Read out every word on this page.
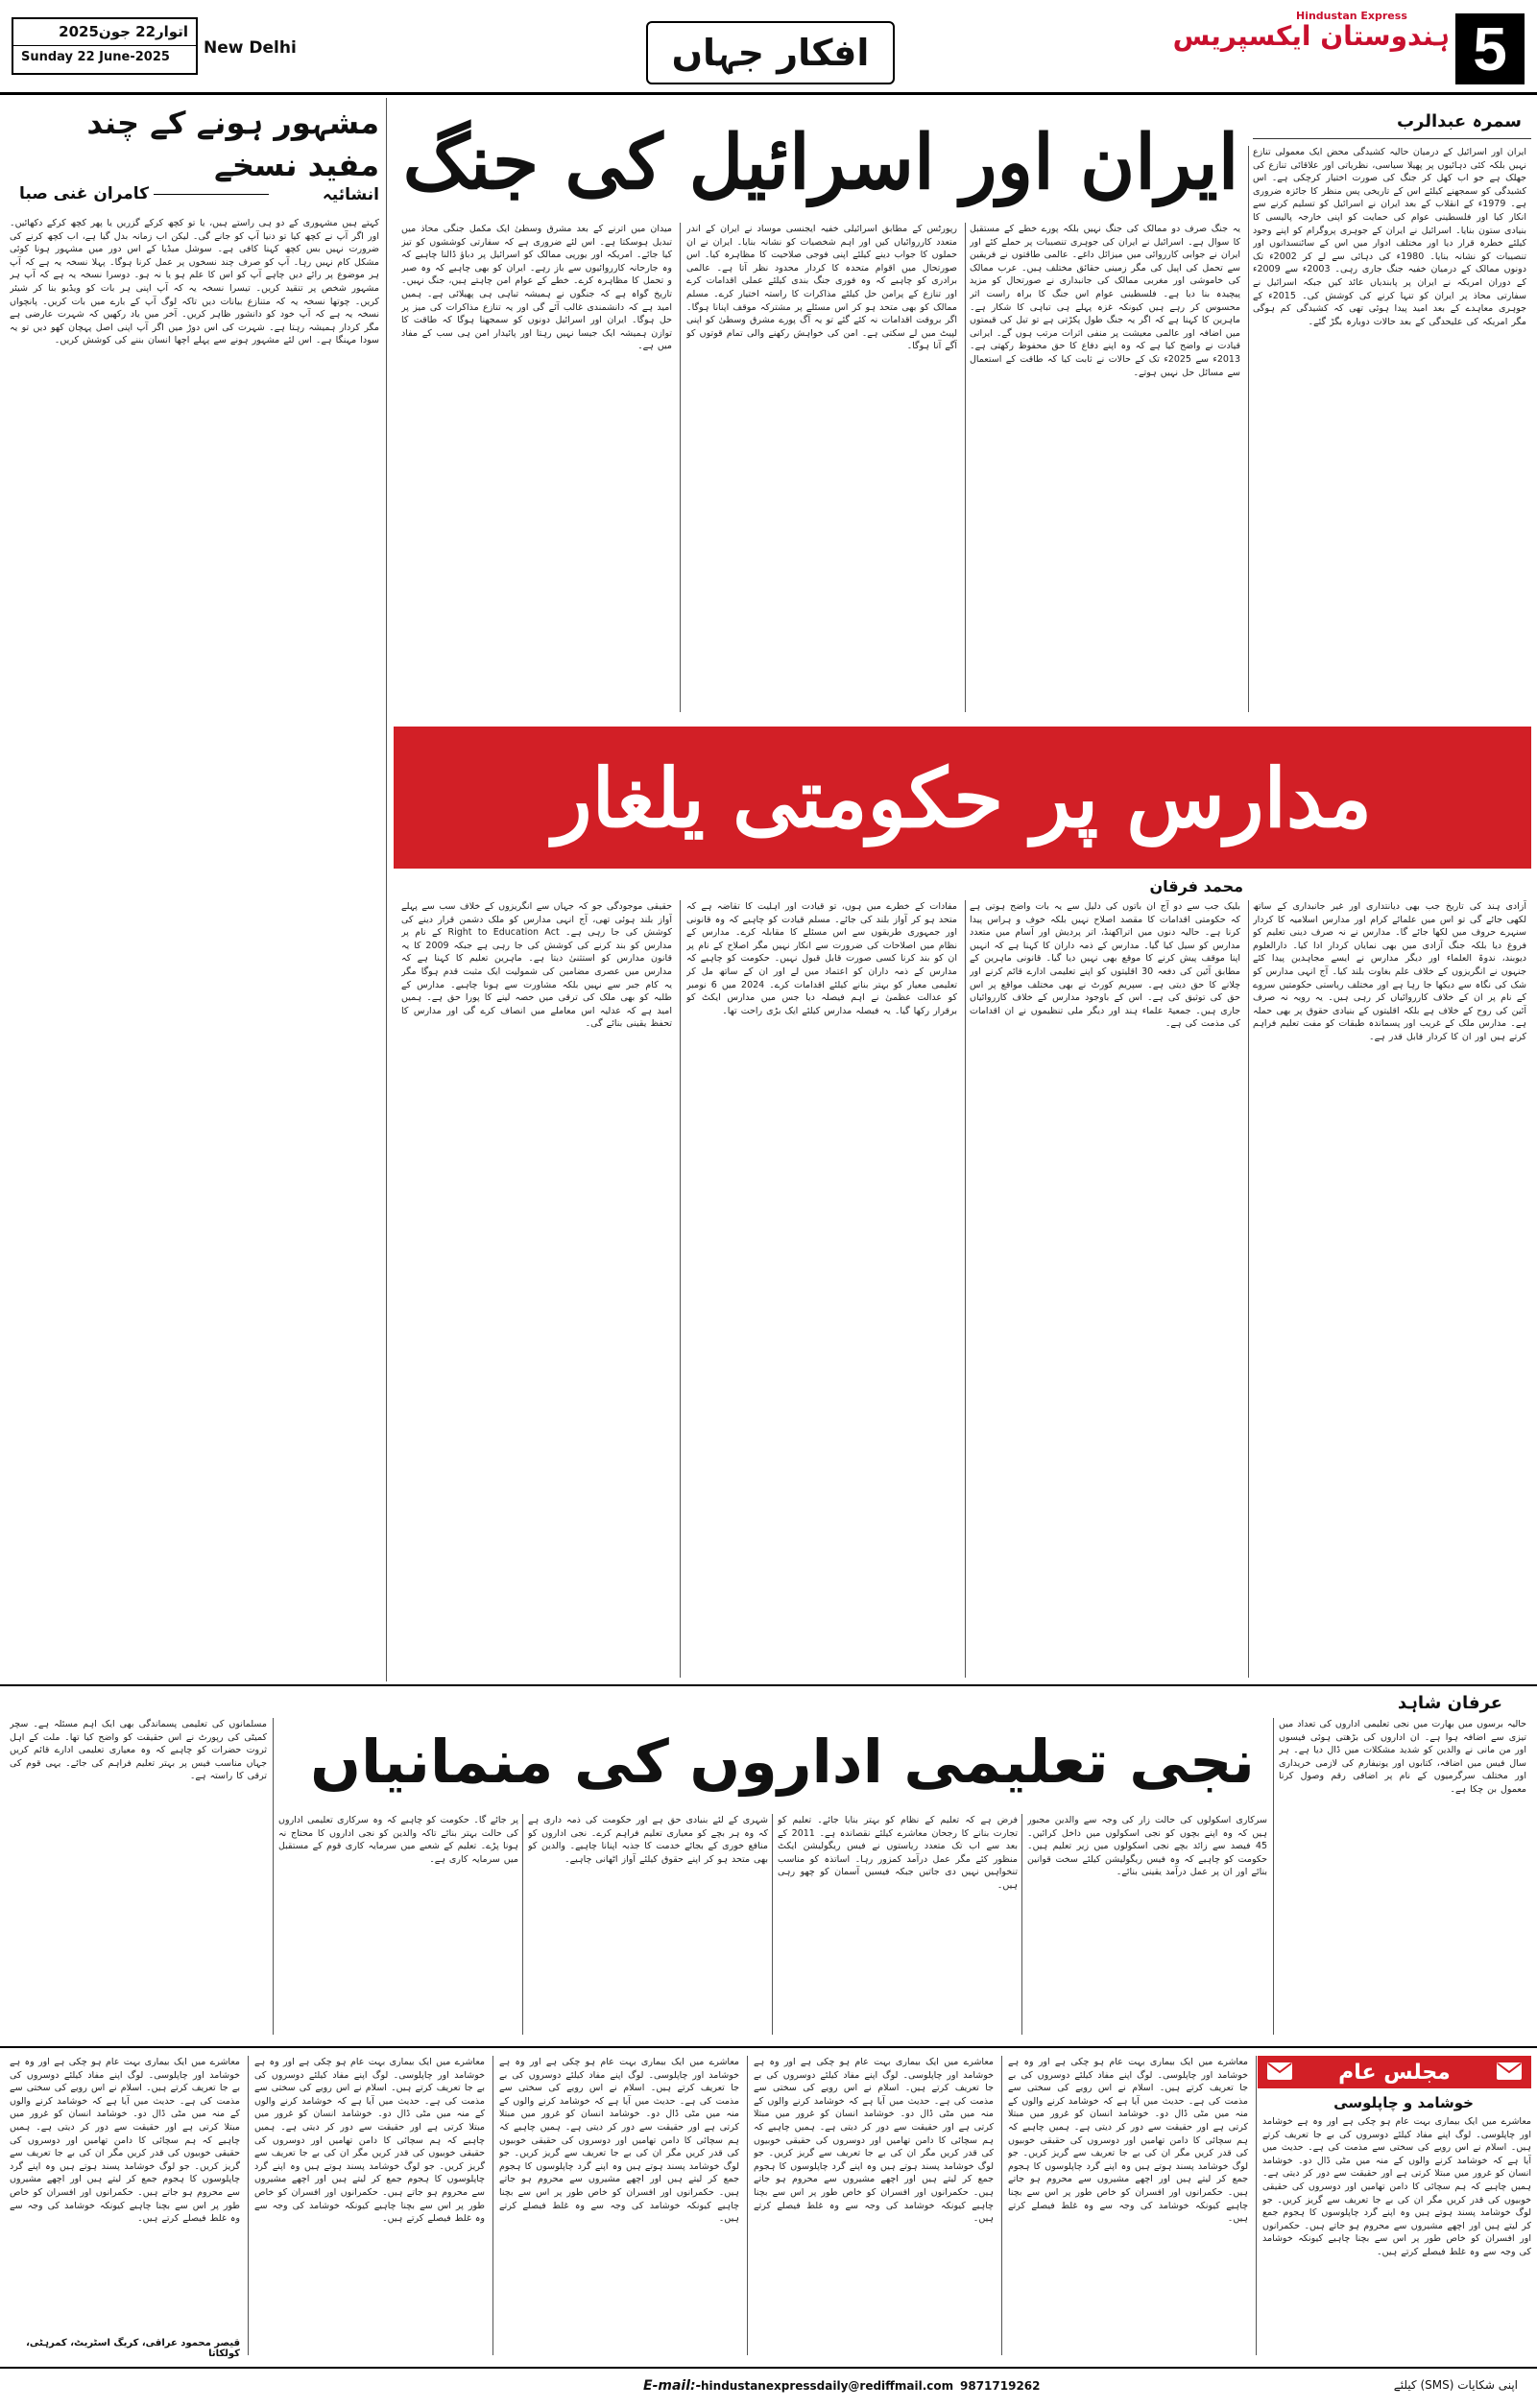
اتوار22 جون2025
Sunday 22 June-2025 New Delhi	افکار جہاں
Hindustan Express
ہندوستان ایکسپریس 5
مشہور ہونے کے چند مفید نسخے
انشائیہ
کامران غنی صبا
کہتے ہیں مشہوری کے دو ہی راستے ہیں، یا تو کچھ کرکے گزریں یا پھر کچھ کرکے دکھائیں۔ اور اگر آپ نے کچھ کیا تو دنیا آپ کو جانے گی۔ لیکن اب زمانہ بدل گیا ہے، اب کچھ کرنے کی ضرورت نہیں بس کچھ کہنا کافی ہے۔ سوشل میڈیا کے اس دور میں مشہور ہونا کوئی مشکل کام نہیں رہا۔ آپ کو صرف چند نسخوں پر عمل کرنا ہوگا۔ پہلا نسخہ یہ ہے کہ آپ ہر موضوع پر رائے دیں چاہے آپ کو اس کا علم ہو یا نہ ہو۔ دوسرا نسخہ یہ ہے کہ آپ ہر مشہور شخص پر تنقید کریں۔ تیسرا نسخہ یہ کہ آپ اپنی ہر بات کو ویڈیو بنا کر شیئر کریں۔ چوتھا نسخہ یہ کہ متنازع بیانات دیں تاکہ لوگ آپ کے بارے میں بات کریں۔ پانچواں نسخہ یہ ہے کہ آپ خود کو دانشور ظاہر کریں۔ آخر میں یاد رکھیں کہ شہرت عارضی ہے مگر کردار ہمیشہ رہتا ہے۔ شہرت کی اس دوڑ میں اگر آپ اپنی اصل پہچان کھو دیں تو یہ سودا مہنگا ہے۔ اس لئے مشہور ہونے سے پہلے اچھا انسان بننے کی کوشش کریں۔
ایران اور اسرائیل کی جنگ	سمرہ عبدالرب
ایران اور اسرائیل کے درمیان حالیہ کشیدگی محض ایک معمولی تنازع نہیں بلکہ کئی دہائیوں پر پھیلا سیاسی، نظریاتی اور علاقائی تنازع کی جھلک ہے جو اب کھل کر جنگ کی صورت اختیار کرچکی ہے۔ اس کشیدگی کو سمجھنے کیلئے اس کے تاریخی پس منظر کا جائزہ ضروری ہے۔ 1979ء کے انقلاب کے بعد ایران نے اسرائیل کو تسلیم کرنے سے انکار کیا اور فلسطینی عوام کی حمایت کو اپنی خارجہ پالیسی کا بنیادی ستون بنایا۔ اسرائیل نے ایران کے جوہری پروگرام کو اپنے وجود کیلئے خطرہ قرار دیا اور مختلف ادوار میں اس کے سائنسدانوں اور تنصیبات کو نشانہ بنایا۔ 1980ء کی دہائی سے لے کر 2002ء تک دونوں ممالک کے درمیان خفیہ جنگ جاری رہی۔ 2003ء سے 2009ء کے دوران امریکہ نے ایران پر پابندیاں عائد کیں جبکہ اسرائیل نے سفارتی محاذ پر ایران کو تنہا کرنے کی کوشش کی۔ 2015ء کے جوہری معاہدے کے بعد امید پیدا ہوئی تھی کہ کشیدگی کم ہوگی مگر امریکہ کی علیحدگی کے بعد حالات دوبارہ بگڑ گئے۔
یہ جنگ صرف دو ممالک کی جنگ نہیں بلکہ پورے خطے کے مستقبل کا سوال ہے۔ اسرائیل نے ایران کی جوہری تنصیبات پر حملے کئے اور ایران نے جوابی کارروائی میں میزائل داغے۔ عالمی طاقتوں نے فریقین سے تحمل کی اپیل کی مگر زمینی حقائق مختلف ہیں۔ عرب ممالک کی خاموشی اور مغربی ممالک کی جانبداری نے صورتحال کو مزید پیچیدہ بنا دیا ہے۔ فلسطینی عوام اس جنگ کا براہ راست اثر محسوس کر رہے ہیں کیونکہ غزہ پہلے ہی تباہی کا شکار ہے۔ ماہرین کا کہنا ہے کہ اگر یہ جنگ طول پکڑتی ہے تو تیل کی قیمتوں میں اضافہ اور عالمی معیشت پر منفی اثرات مرتب ہوں گے۔ ایرانی قیادت نے واضح کیا ہے کہ وہ اپنے دفاع کا حق محفوظ رکھتی ہے۔ 2013ء سے 2025ء تک کے حالات نے ثابت کیا کہ طاقت کے استعمال سے مسائل حل نہیں ہوتے۔
رپورٹس کے مطابق اسرائیلی خفیہ ایجنسی موساد نے ایران کے اندر متعدد کارروائیاں کیں اور اہم شخصیات کو نشانہ بنایا۔ ایران نے ان حملوں کا جواب دینے کیلئے اپنی فوجی صلاحیت کا مظاہرہ کیا۔ اس صورتحال میں اقوام متحدہ کا کردار محدود نظر آتا ہے۔ عالمی برادری کو چاہیے کہ وہ فوری جنگ بندی کیلئے عملی اقدامات کرے اور تنازع کے پرامن حل کیلئے مذاکرات کا راستہ اختیار کرے۔ مسلم ممالک کو بھی متحد ہو کر اس مسئلے پر مشترکہ موقف اپنانا ہوگا۔ اگر بروقت اقدامات نہ کئے گئے تو یہ آگ پورے مشرق وسطیٰ کو اپنی لپیٹ میں لے سکتی ہے۔ امن کی خواہش رکھنے والی تمام قوتوں کو آگے آنا ہوگا۔
میدان میں اترنے کے بعد مشرق وسطیٰ ایک مکمل جنگی محاذ میں تبدیل ہوسکتا ہے۔ اس لئے ضروری ہے کہ سفارتی کوششوں کو تیز کیا جائے۔ امریکہ اور یورپی ممالک کو اسرائیل پر دباؤ ڈالنا چاہیے کہ وہ جارحانہ کارروائیوں سے باز رہے۔ ایران کو بھی چاہیے کہ وہ صبر و تحمل کا مظاہرہ کرے۔ خطے کے عوام امن چاہتے ہیں، جنگ نہیں۔ تاریخ گواہ ہے کہ جنگوں نے ہمیشہ تباہی ہی پھیلائی ہے۔ ہمیں امید ہے کہ دانشمندی غالب آئے گی اور یہ تنازع مذاکرات کی میز پر حل ہوگا۔ ایران اور اسرائیل دونوں کو سمجھنا ہوگا کہ طاقت کا توازن ہمیشہ ایک جیسا نہیں رہتا اور پائیدار امن ہی سب کے مفاد میں ہے۔
مدارس پر حکومتی یلغار
محمد فرقان
آزادی ہند کی تاریخ جب بھی دیانتداری اور غیر جانبداری کے ساتھ لکھی جائے گی تو اس میں علمائے کرام اور مدارس اسلامیہ کا کردار سنہرے حروف میں لکھا جائے گا۔ مدارس نے نہ صرف دینی تعلیم کو فروغ دیا بلکہ جنگ آزادی میں بھی نمایاں کردار ادا کیا۔ دارالعلوم دیوبند، ندوۃ العلماء اور دیگر مدارس نے ایسے مجاہدین پیدا کئے جنہوں نے انگریزوں کے خلاف علم بغاوت بلند کیا۔ آج انہی مدارس کو شک کی نگاہ سے دیکھا جا رہا ہے اور مختلف ریاستی حکومتیں سروے کے نام پر ان کے خلاف کارروائیاں کر رہی ہیں۔ یہ رویہ نہ صرف آئین کی روح کے خلاف ہے بلکہ اقلیتوں کے بنیادی حقوق پر بھی حملہ ہے۔ مدارس ملک کے غریب اور پسماندہ طبقات کو مفت تعلیم فراہم کرتے ہیں اور ان کا کردار قابل قدر ہے۔
بلیک جب سے دو آج ان باتوں کی دلیل سے یہ بات واضح ہوتی ہے کہ حکومتی اقدامات کا مقصد اصلاح نہیں بلکہ خوف و ہراس پیدا کرنا ہے۔ حالیہ دنوں میں اتراکھنڈ، اتر پردیش اور آسام میں متعدد مدارس کو سیل کیا گیا۔ مدارس کے ذمہ داران کا کہنا ہے کہ انہیں اپنا موقف پیش کرنے کا موقع بھی نہیں دیا گیا۔ قانونی ماہرین کے مطابق آئین کی دفعہ 30 اقلیتوں کو اپنے تعلیمی ادارے قائم کرنے اور چلانے کا حق دیتی ہے۔ سپریم کورٹ نے بھی مختلف مواقع پر اس حق کی توثیق کی ہے۔ اس کے باوجود مدارس کے خلاف کارروائیاں جاری ہیں۔ جمعیۃ علماء ہند اور دیگر ملی تنظیموں نے ان اقدامات کی مذمت کی ہے۔
مفادات کے خطرے میں ہوں، تو قیادت اور اہلیت کا تقاضہ ہے کہ متحد ہو کر آواز بلند کی جائے۔ مسلم قیادت کو چاہیے کہ وہ قانونی اور جمہوری طریقوں سے اس مسئلے کا مقابلہ کرے۔ مدارس کے نظام میں اصلاحات کی ضرورت سے انکار نہیں مگر اصلاح کے نام پر ان کو بند کرنا کسی صورت قابل قبول نہیں۔ حکومت کو چاہیے کہ مدارس کے ذمہ داران کو اعتماد میں لے اور ان کے ساتھ مل کر تعلیمی معیار کو بہتر بنانے کیلئے اقدامات کرے۔ 2024 میں 6 نومبر کو عدالت عظمیٰ نے اہم فیصلہ دیا جس میں مدارس ایکٹ کو برقرار رکھا گیا۔ یہ فیصلہ مدارس کیلئے ایک بڑی راحت تھا۔
حقیقی موجودگی جو کہ جہاں سے انگریزوں کے خلاف سب سے پہلے آواز بلند ہوئی تھی، آج انہی مدارس کو ملک دشمن قرار دینے کی کوشش کی جا رہی ہے۔ Right to Education Act کے نام پر مدارس کو بند کرنے کی کوشش کی جا رہی ہے جبکہ 2009 کا یہ قانون مدارس کو استثنیٰ دیتا ہے۔ ماہرین تعلیم کا کہنا ہے کہ مدارس میں عصری مضامین کی شمولیت ایک مثبت قدم ہوگا مگر یہ کام جبر سے نہیں بلکہ مشاورت سے ہونا چاہیے۔ مدارس کے طلبہ کو بھی ملک کی ترقی میں حصہ لینے کا پورا حق ہے۔ ہمیں امید ہے کہ عدلیہ اس معاملے میں انصاف کرے گی اور مدارس کا تحفظ یقینی بنائے گی۔
نجی تعلیمی اداروں کی منمانیاں
عرفان شاہد
حالیہ برسوں میں بھارت میں نجی تعلیمی اداروں کی تعداد میں تیزی سے اضافہ ہوا ہے۔ ان اداروں کی بڑھتی ہوئی فیسوں اور من مانی نے والدین کو شدید مشکلات میں ڈال دیا ہے۔ ہر سال فیس میں اضافہ، کتابوں اور یونیفارم کی لازمی خریداری اور مختلف سرگرمیوں کے نام پر اضافی رقم وصول کرنا معمول بن چکا ہے۔
سرکاری اسکولوں کی حالت زار کی وجہ سے والدین مجبور ہیں کہ وہ اپنے بچوں کو نجی اسکولوں میں داخل کرائیں۔ 45 فیصد سے زائد بچے نجی اسکولوں میں زیر تعلیم ہیں۔ حکومت کو چاہیے کہ وہ فیس ریگولیشن کیلئے سخت قوانین بنائے اور ان پر عمل درآمد یقینی بنائے۔
فرض ہے کہ تعلیم کے نظام کو بہتر بنایا جائے۔ تعلیم کو تجارت بنانے کا رجحان معاشرے کیلئے نقصاندہ ہے۔ 2011 کے بعد سے اب تک متعدد ریاستوں نے فیس ریگولیشن ایکٹ منظور کئے مگر عمل درآمد کمزور رہا۔ اساتذہ کو مناسب تنخواہیں نہیں دی جاتیں جبکہ فیسیں آسمان کو چھو رہی ہیں۔
شہری کے لئے بنیادی حق ہے اور حکومت کی ذمہ داری ہے کہ وہ ہر بچے کو معیاری تعلیم فراہم کرے۔ نجی اداروں کو منافع خوری کے بجائے خدمت کا جذبہ اپنانا چاہیے۔ والدین کو بھی متحد ہو کر اپنے حقوق کیلئے آواز اٹھانی چاہیے۔
پر جائے گا۔ حکومت کو چاہیے کہ وہ سرکاری تعلیمی اداروں کی حالت بہتر بنائے تاکہ والدین کو نجی اداروں کا محتاج نہ ہونا پڑے۔ تعلیم کے شعبے میں سرمایہ کاری قوم کے مستقبل میں سرمایہ کاری ہے۔
مسلمانوں کی تعلیمی پسماندگی بھی ایک اہم مسئلہ ہے۔ سچر کمیٹی کی رپورٹ نے اس حقیقت کو واضح کیا تھا۔ ملت کے اہل ثروت حضرات کو چاہیے کہ وہ معیاری تعلیمی ادارے قائم کریں جہاں مناسب فیس پر بہتر تعلیم فراہم کی جائے۔ یہی قوم کی ترقی کا راستہ ہے۔
مجلس عام
خوشامد و چاپلوسی
معاشرے میں ایک بیماری بہت عام ہو چکی ہے اور وہ ہے خوشامد اور چاپلوسی۔ لوگ اپنے مفاد کیلئے دوسروں کی بے جا تعریف کرتے ہیں۔ اسلام نے اس رویے کی سختی سے مذمت کی ہے۔ حدیث میں آیا ہے کہ خوشامد کرنے والوں کے منہ میں مٹی ڈال دو۔ خوشامد انسان کو غرور میں مبتلا کرتی ہے اور حقیقت سے دور کر دیتی ہے۔ ہمیں چاہیے کہ ہم سچائی کا دامن تھامیں اور دوسروں کی حقیقی خوبیوں کی قدر کریں مگر ان کی بے جا تعریف سے گریز کریں۔ جو لوگ خوشامد پسند ہوتے ہیں وہ اپنے گرد چاپلوسوں کا ہجوم جمع کر لیتے ہیں اور اچھے مشیروں سے محروم ہو جاتے ہیں۔ حکمرانوں اور افسران کو خاص طور پر اس سے بچنا چاہیے کیونکہ خوشامد کی وجہ سے وہ غلط فیصلے کرتے ہیں۔
معاشرے میں ایک بیماری بہت عام ہو چکی ہے اور وہ ہے خوشامد اور چاپلوسی۔ لوگ اپنے مفاد کیلئے دوسروں کی بے جا تعریف کرتے ہیں۔ اسلام نے اس رویے کی سختی سے مذمت کی ہے۔ حدیث میں آیا ہے کہ خوشامد کرنے والوں کے منہ میں مٹی ڈال دو۔ خوشامد انسان کو غرور میں مبتلا کرتی ہے اور حقیقت سے دور کر دیتی ہے۔ ہمیں چاہیے کہ ہم سچائی کا دامن تھامیں اور دوسروں کی حقیقی خوبیوں کی قدر کریں مگر ان کی بے جا تعریف سے گریز کریں۔ جو لوگ خوشامد پسند ہوتے ہیں وہ اپنے گرد چاپلوسوں کا ہجوم جمع کر لیتے ہیں اور اچھے مشیروں سے محروم ہو جاتے ہیں۔ حکمرانوں اور افسران کو خاص طور پر اس سے بچنا چاہیے کیونکہ خوشامد کی وجہ سے وہ غلط فیصلے کرتے ہیں۔
معاشرے میں ایک بیماری بہت عام ہو چکی ہے اور وہ ہے خوشامد اور چاپلوسی۔ لوگ اپنے مفاد کیلئے دوسروں کی بے جا تعریف کرتے ہیں۔ اسلام نے اس رویے کی سختی سے مذمت کی ہے۔ حدیث میں آیا ہے کہ خوشامد کرنے والوں کے منہ میں مٹی ڈال دو۔ خوشامد انسان کو غرور میں مبتلا کرتی ہے اور حقیقت سے دور کر دیتی ہے۔ ہمیں چاہیے کہ ہم سچائی کا دامن تھامیں اور دوسروں کی حقیقی خوبیوں کی قدر کریں مگر ان کی بے جا تعریف سے گریز کریں۔ جو لوگ خوشامد پسند ہوتے ہیں وہ اپنے گرد چاپلوسوں کا ہجوم جمع کر لیتے ہیں اور اچھے مشیروں سے محروم ہو جاتے ہیں۔ حکمرانوں اور افسران کو خاص طور پر اس سے بچنا چاہیے کیونکہ خوشامد کی وجہ سے وہ غلط فیصلے کرتے ہیں۔
معاشرے میں ایک بیماری بہت عام ہو چکی ہے اور وہ ہے خوشامد اور چاپلوسی۔ لوگ اپنے مفاد کیلئے دوسروں کی بے جا تعریف کرتے ہیں۔ اسلام نے اس رویے کی سختی سے مذمت کی ہے۔ حدیث میں آیا ہے کہ خوشامد کرنے والوں کے منہ میں مٹی ڈال دو۔ خوشامد انسان کو غرور میں مبتلا کرتی ہے اور حقیقت سے دور کر دیتی ہے۔ ہمیں چاہیے کہ ہم سچائی کا دامن تھامیں اور دوسروں کی حقیقی خوبیوں کی قدر کریں مگر ان کی بے جا تعریف سے گریز کریں۔ جو لوگ خوشامد پسند ہوتے ہیں وہ اپنے گرد چاپلوسوں کا ہجوم جمع کر لیتے ہیں اور اچھے مشیروں سے محروم ہو جاتے ہیں۔ حکمرانوں اور افسران کو خاص طور پر اس سے بچنا چاہیے کیونکہ خوشامد کی وجہ سے وہ غلط فیصلے کرتے ہیں۔
معاشرے میں ایک بیماری بہت عام ہو چکی ہے اور وہ ہے خوشامد اور چاپلوسی۔ لوگ اپنے مفاد کیلئے دوسروں کی بے جا تعریف کرتے ہیں۔ اسلام نے اس رویے کی سختی سے مذمت کی ہے۔ حدیث میں آیا ہے کہ خوشامد کرنے والوں کے منہ میں مٹی ڈال دو۔ خوشامد انسان کو غرور میں مبتلا کرتی ہے اور حقیقت سے دور کر دیتی ہے۔ ہمیں چاہیے کہ ہم سچائی کا دامن تھامیں اور دوسروں کی حقیقی خوبیوں کی قدر کریں مگر ان کی بے جا تعریف سے گریز کریں۔ جو لوگ خوشامد پسند ہوتے ہیں وہ اپنے گرد چاپلوسوں کا ہجوم جمع کر لیتے ہیں اور اچھے مشیروں سے محروم ہو جاتے ہیں۔ حکمرانوں اور افسران کو خاص طور پر اس سے بچنا چاہیے کیونکہ خوشامد کی وجہ سے وہ غلط فیصلے کرتے ہیں۔
معاشرے میں ایک بیماری بہت عام ہو چکی ہے اور وہ ہے خوشامد اور چاپلوسی۔ لوگ اپنے مفاد کیلئے دوسروں کی بے جا تعریف کرتے ہیں۔ اسلام نے اس رویے کی سختی سے مذمت کی ہے۔ حدیث میں آیا ہے کہ خوشامد کرنے والوں کے منہ میں مٹی ڈال دو۔ خوشامد انسان کو غرور میں مبتلا کرتی ہے اور حقیقت سے دور کر دیتی ہے۔ ہمیں چاہیے کہ ہم سچائی کا دامن تھامیں اور دوسروں کی حقیقی خوبیوں کی قدر کریں مگر ان کی بے جا تعریف سے گریز کریں۔ جو لوگ خوشامد پسند ہوتے ہیں وہ اپنے گرد چاپلوسوں کا ہجوم جمع کر لیتے ہیں اور اچھے مشیروں سے محروم ہو جاتے ہیں۔ حکمرانوں اور افسران کو خاص طور پر اس سے بچنا چاہیے کیونکہ خوشامد کی وجہ سے وہ غلط فیصلے کرتے ہیں۔
قیصر محمود عراقی، کریگ اسٹریٹ، کمرہٹی، کولکاتا
E-mail:- hindustanexpressdaily@rediffmail.com 9871719262	اپنی شکایات (SMS) کیلئے
